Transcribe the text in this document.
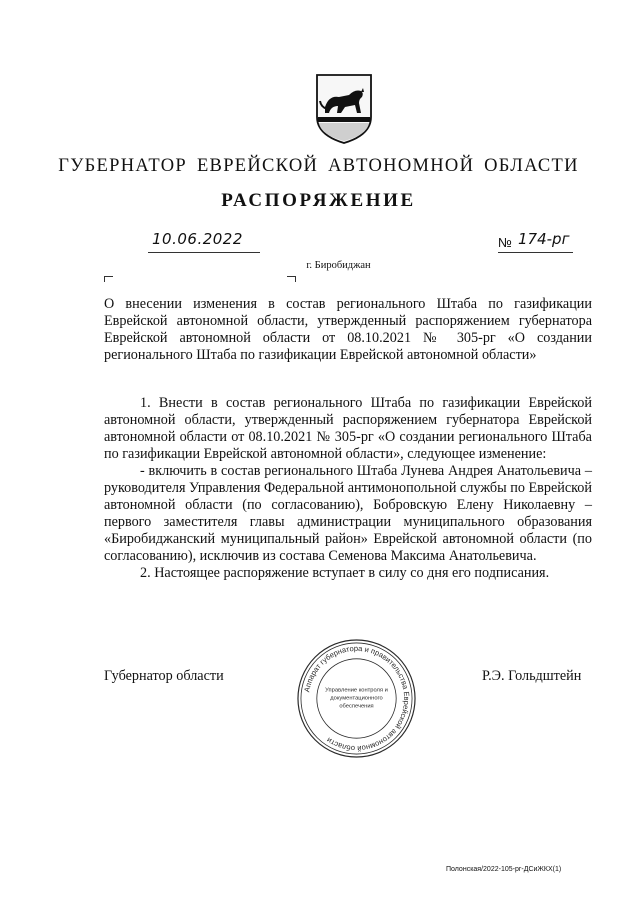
ГУБЕРНАТОР ЕВРЕЙСКОЙ АВТОНОМНОЙ ОБЛАСТИ
РАСПОРЯЖЕНИЕ
10.06.2022	№ 174-рг
г. Биробиджан
О внесении изменения в состав регионального Штаба по газификации Еврейской автономной области, утвержденный распоряжением губернатора Еврейской автономной области от 08.10.2021 № 305-рг «О создании регионального Штаба по газификации Еврейской автономной области»

1. Внести в состав регионального Штаба по газификации Еврейской автономной области, утвержденный распоряжением губернатора Еврейской автономной области от 08.10.2021 № 305-рг «О создании регионального Штаба по газификации Еврейской автономной области», следующее изменение:

- включить в состав регионального Штаба Лунева Андрея Анатольевича – руководителя Управления Федеральной антимонопольной службы по Еврейской автономной области (по согласованию), Бобровскую Елену Николаевну – первого заместителя главы администрации муниципального образования «Биробиджанский муниципальный район» Еврейской автономной области (по согласованию), исключив из состава Семенова Максима Анатольевича.

2. Настоящее распоряжение вступает в силу со дня его подписания.

Губернатор области	Р.Э. Гольдштейн
Аппарат губернатора и правительства Еврейской автономной области
Управление контроля и
документационного
обеспечения
Полонская/2022-105-рг-ДСиЖКХ(1)
